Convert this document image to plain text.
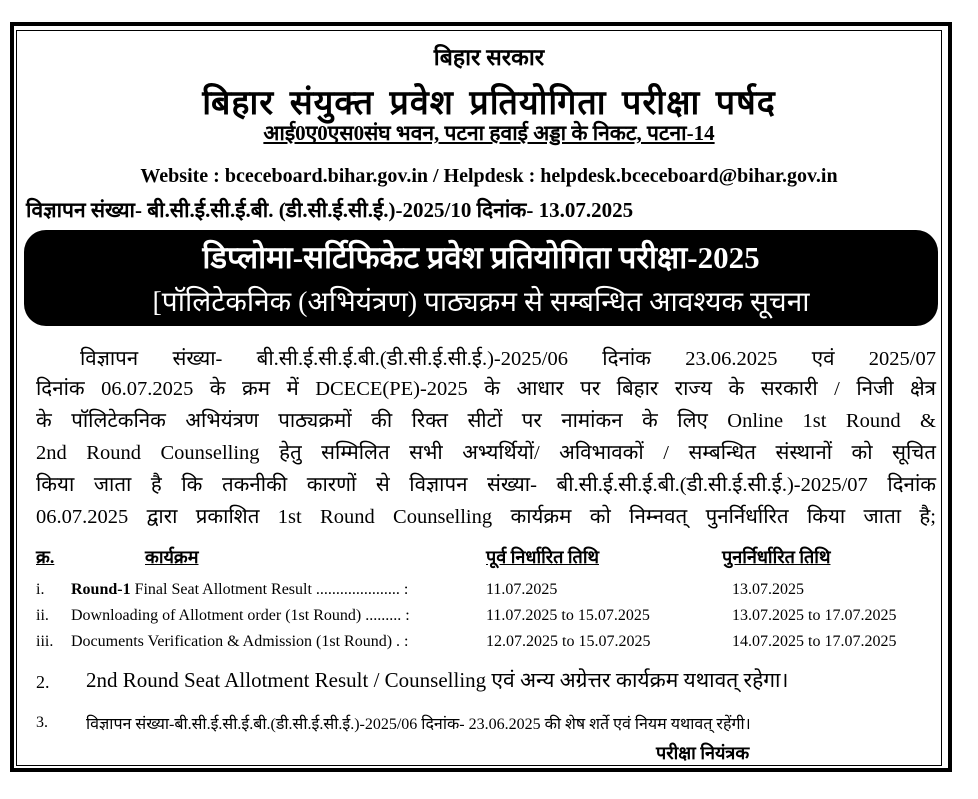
बिहार सरकार
बिहार संयुक्त प्रवेश प्रतियोगिता परीक्षा पर्षद
आई0ए0एस0संघ भवन, पटना हवाई अड्डा के निकट, पटना-14
Website : bceceboard.bihar.gov.in / Helpdesk : helpdesk.bceceboard@bihar.gov.in
विज्ञापन संख्या- बी.सी.ई.सी.ई.बी. (डी.सी.ई.सी.ई.)-2025/10 दिनांक- 13.07.2025
डिप्लोमा-सर्टिफिकेट प्रवेश प्रतियोगिता परीक्षा-2025
[पॉलिटेकनिक (अभियंत्रण) पाठ्यक्रम से सम्बन्धित आवश्यक सूचना
विज्ञापन संख्या- बी.सी.ई.सी.ई.बी.(डी.सी.ई.सी.ई.)-2025/06 दिनांक 23.06.2025 एवं 2025/07
दिनांक 06.07.2025 के क्रम में DCECE(PE)-2025 के आधार पर बिहार राज्य के सरकारी / निजी क्षेत्र
के पॉलिटेकनिक अभियंत्रण पाठ्यक्रमों की रिक्त सीटों पर नामांकन के लिए Online 1st Round &
2nd Round Counselling हेतु सम्मिलित सभी अभ्यर्थियों/ अविभावकों / सम्बन्धित संस्थानों को सूचित
किया जाता है कि तकनीकी कारणों से विज्ञापन संख्या- बी.सी.ई.सी.ई.बी.(डी.सी.ई.सी.ई.)-2025/07 दिनांक
06.07.2025 द्वारा प्रकाशित 1st Round Counselling कार्यक्रम को निम्नवत् पुनर्निर्धारित किया जाता है;
क्र.	कार्यक्रम	पूर्व निर्धारित तिथि	पुनर्निर्धारित तिथि
i. Round-1 Final Seat Allotment Result ..................... :	11.07.2025	13.07.2025
ii. Downloading of Allotment order (1st Round) ......... :	11.07.2025 to 15.07.2025	13.07.2025 to 17.07.2025
iii. Documents Verification & Admission (1st Round) . :	12.07.2025 to 15.07.2025	14.07.2025 to 17.07.2025
2. 2nd Round Seat Allotment Result / Counselling एवं अन्य अग्रेत्तर कार्यक्रम यथावत् रहेगा।
3. विज्ञापन संख्या-बी.सी.ई.सी.ई.बी.(डी.सी.ई.सी.ई.)-2025/06 दिनांक- 23.06.2025 की शेष शर्ते एवं नियम यथावत् रहेंगी।
परीक्षा नियंत्रक
